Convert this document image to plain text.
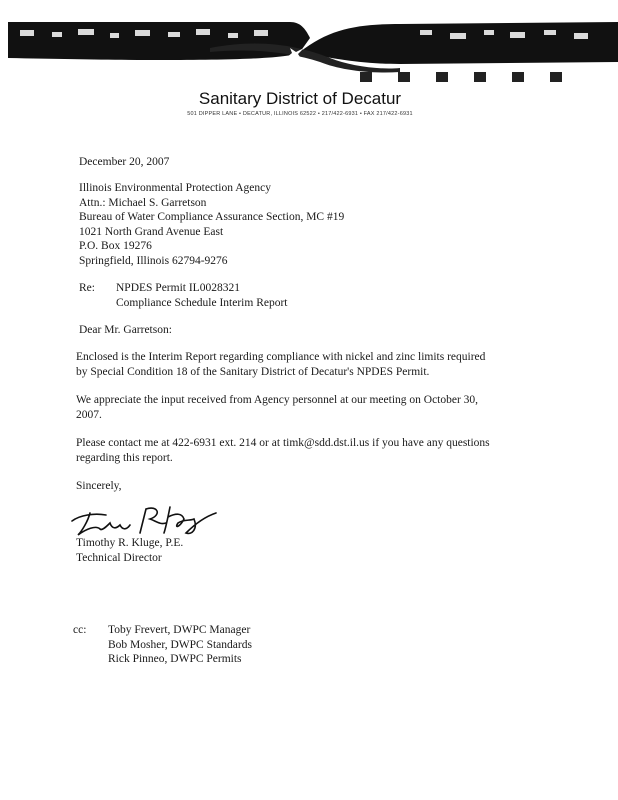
Sanitary District of Decatur
501 DIPPER LANE • DECATUR, ILLINOIS 62522 • 217/422-6931 • FAX 217/422-6931
December 20, 2007
Illinois Environmental Protection Agency
Attn.: Michael S. Garretson
Bureau of Water Compliance Assurance Section, MC #19
1021 North Grand Avenue East
P.O. Box 19276
Springfield, Illinois 62794-9276
Re: NPDES Permit IL0028321
Compliance Schedule Interim Report
Dear Mr. Garretson:
Enclosed is the Interim Report regarding compliance with nickel and zinc limits required
by Special Condition 18 of the Sanitary District of Decatur's NPDES Permit.
We appreciate the input received from Agency personnel at our meeting on October 30,
2007.
Please contact me at 422-6931 ext. 214 or at timk@sdd.dst.il.us if you have any questions
regarding this report.
Sincerely,
Timothy R. Kluge, P.E.
Technical Director
cc: Toby Frevert, DWPC Manager
Bob Mosher, DWPC Standards
Rick Pinneo, DWPC Permits
